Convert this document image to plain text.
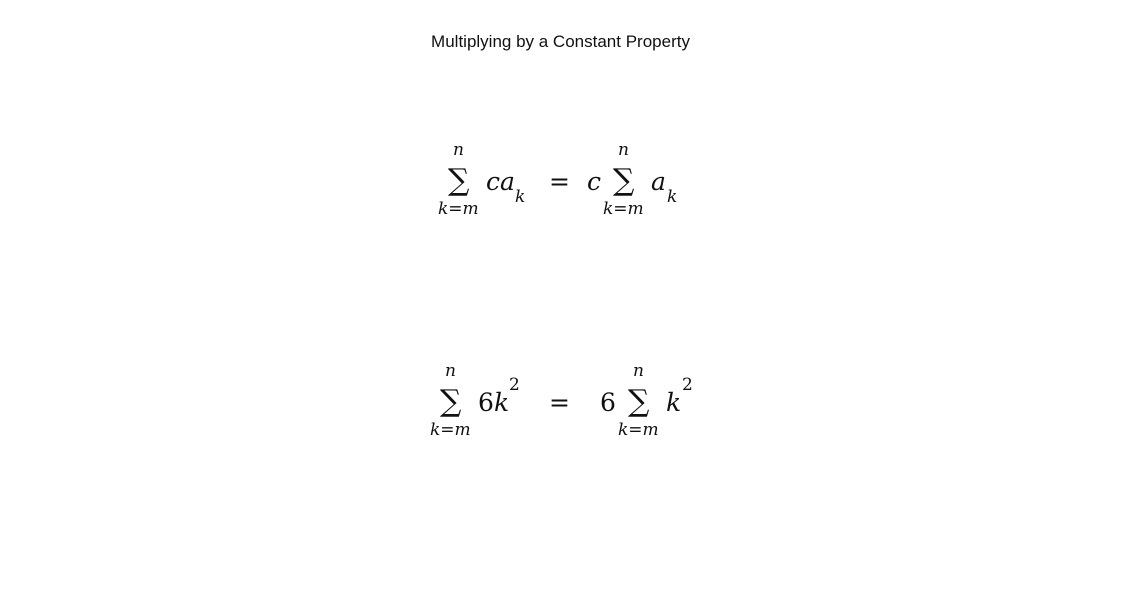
Multiplying by a Constant Property
n
∑
k=m
ca
k
= c
n
∑
k=m
a
k
n
∑
k=m
6 k
2
= 6
n
∑
k=m
k
2
